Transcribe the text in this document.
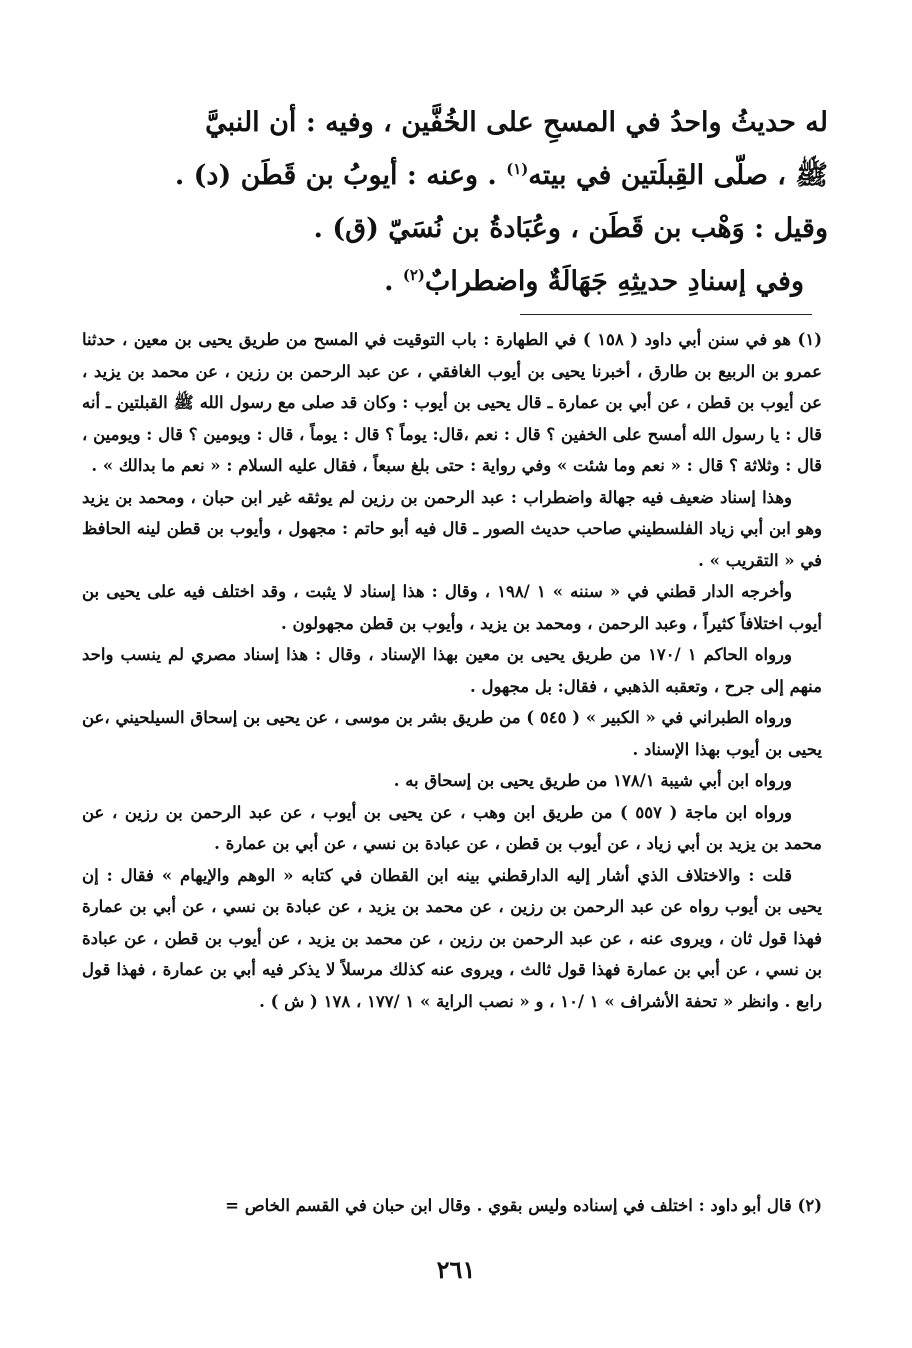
له حديثُ واحدُ في المسحِ على الخُفَّين ، وفيه : أن النبيَّ

ﷺ ، صلّى القِبلَتين في بيته$^{(١)}$ . وعنه : أيوبُ بن قَطَن (د) .

وقيل : وَهْب بن قَطَن ، وعُبَادةُ بن نُسَيّ (ق) .

وفي إسنادِ حديثِهِ جَهَالَةٌ واضطرابٌ$^{(٢)}$ .

(١) هو في سنن أبي داود ( ١٥٨ ) في الطهارة : باب التوقيت في المسح من طريق يحيى بن معين ، حدثنا عمرو بن الربيع بن طارق ، أخبرنا يحيى بن أيوب الغافقي ، عن عبد الرحمن بن رزين ، عن محمد بن يزيد ، عن أيوب بن قطن ، عن أبي بن عمارة ـ قال يحيى بن أيوب : وكان قد صلى مع رسول الله ﷺ القبلتين ـ أنه قال : يا رسول الله أمسح على الخفين ؟ قال : نعم ،قال: يوماً ؟ قال : يوماً ، قال : ويومين ؟ قال : ويومين ، قال : وثلاثة ؟ قال : « نعم وما شئت » وفي رواية : حتى بلغ سبعاً ، فقال عليه السلام : « نعم ما بدالك » .

وهذا إسناد ضعيف فيه جهالة واضطراب : عبد الرحمن بن رزين لم يوثقه غير ابن حبان ، ومحمد بن يزيد وهو ابن أبي زياد الفلسطيني صاحب حديث الصور ـ قال فيه أبو حاتم : مجهول ، وأيوب بن قطن لينه الحافظ في « التقريب » .

وأخرجه الدار قطني في « سننه » ١ /١٩٨ ، وقال : هذا إسناد لا يثبت ، وقد اختلف فيه على يحيى بن أيوب اختلافاً كثيراً ، وعبد الرحمن ، ومحمد بن يزيد ، وأيوب بن قطن مجهولون .

ورواه الحاكم ١ /١٧٠ من طريق يحيى بن معين بهذا الإسناد ، وقال : هذا إسناد مصري لم ينسب واحد منهم إلى جرح ، وتعقبه الذهبي ، فقال: بل مجهول .

ورواه الطبراني في « الكبير » ( ٥٤٥ ) من طريق بشر بن موسى ، عن يحيى بن إسحاق السيلحيني ،عن يحيى بن أيوب بهذا الإسناد .

ورواه ابن أبي شيبة ١٧٨/١ من طريق يحيى بن إسحاق به .

ورواه ابن ماجة ( ٥٥٧ ) من طريق ابن وهب ، عن يحيى بن أيوب ، عن عبد الرحمن بن رزين ، عن محمد بن يزيد بن أبي زياد ، عن أيوب بن قطن ، عن عبادة بن نسي ، عن أبي بن عمارة .

قلت : والاختلاف الذي أشار إليه الدارقطني بينه ابن القطان في كتابه « الوهم والإيهام » فقال : إن يحيى بن أيوب رواه عن عبد الرحمن بن رزين ، عن محمد بن يزيد ، عن عبادة بن نسي ، عن أبي بن عمارة فهذا قول ثان ، ويروى عنه ، عن عبد الرحمن بن رزين ، عن محمد بن يزيد ، عن أيوب بن قطن ، عن عبادة بن نسي ، عن أبي بن عمارة فهذا قول ثالث ، ويروى عنه كذلك مرسلاً لا يذكر فيه أبي بن عمارة ، فهذا قول رابع . وانظر « تحفة الأشراف » ١ /١٠ ، و « نصب الراية » ١ /١٧٧ ، ١٧٨ ( ش ) .

(٢) قال أبو داود : اختلف في إسناده وليس بقوي . وقال ابن حبان في القسم الخاص =

٢٦١
